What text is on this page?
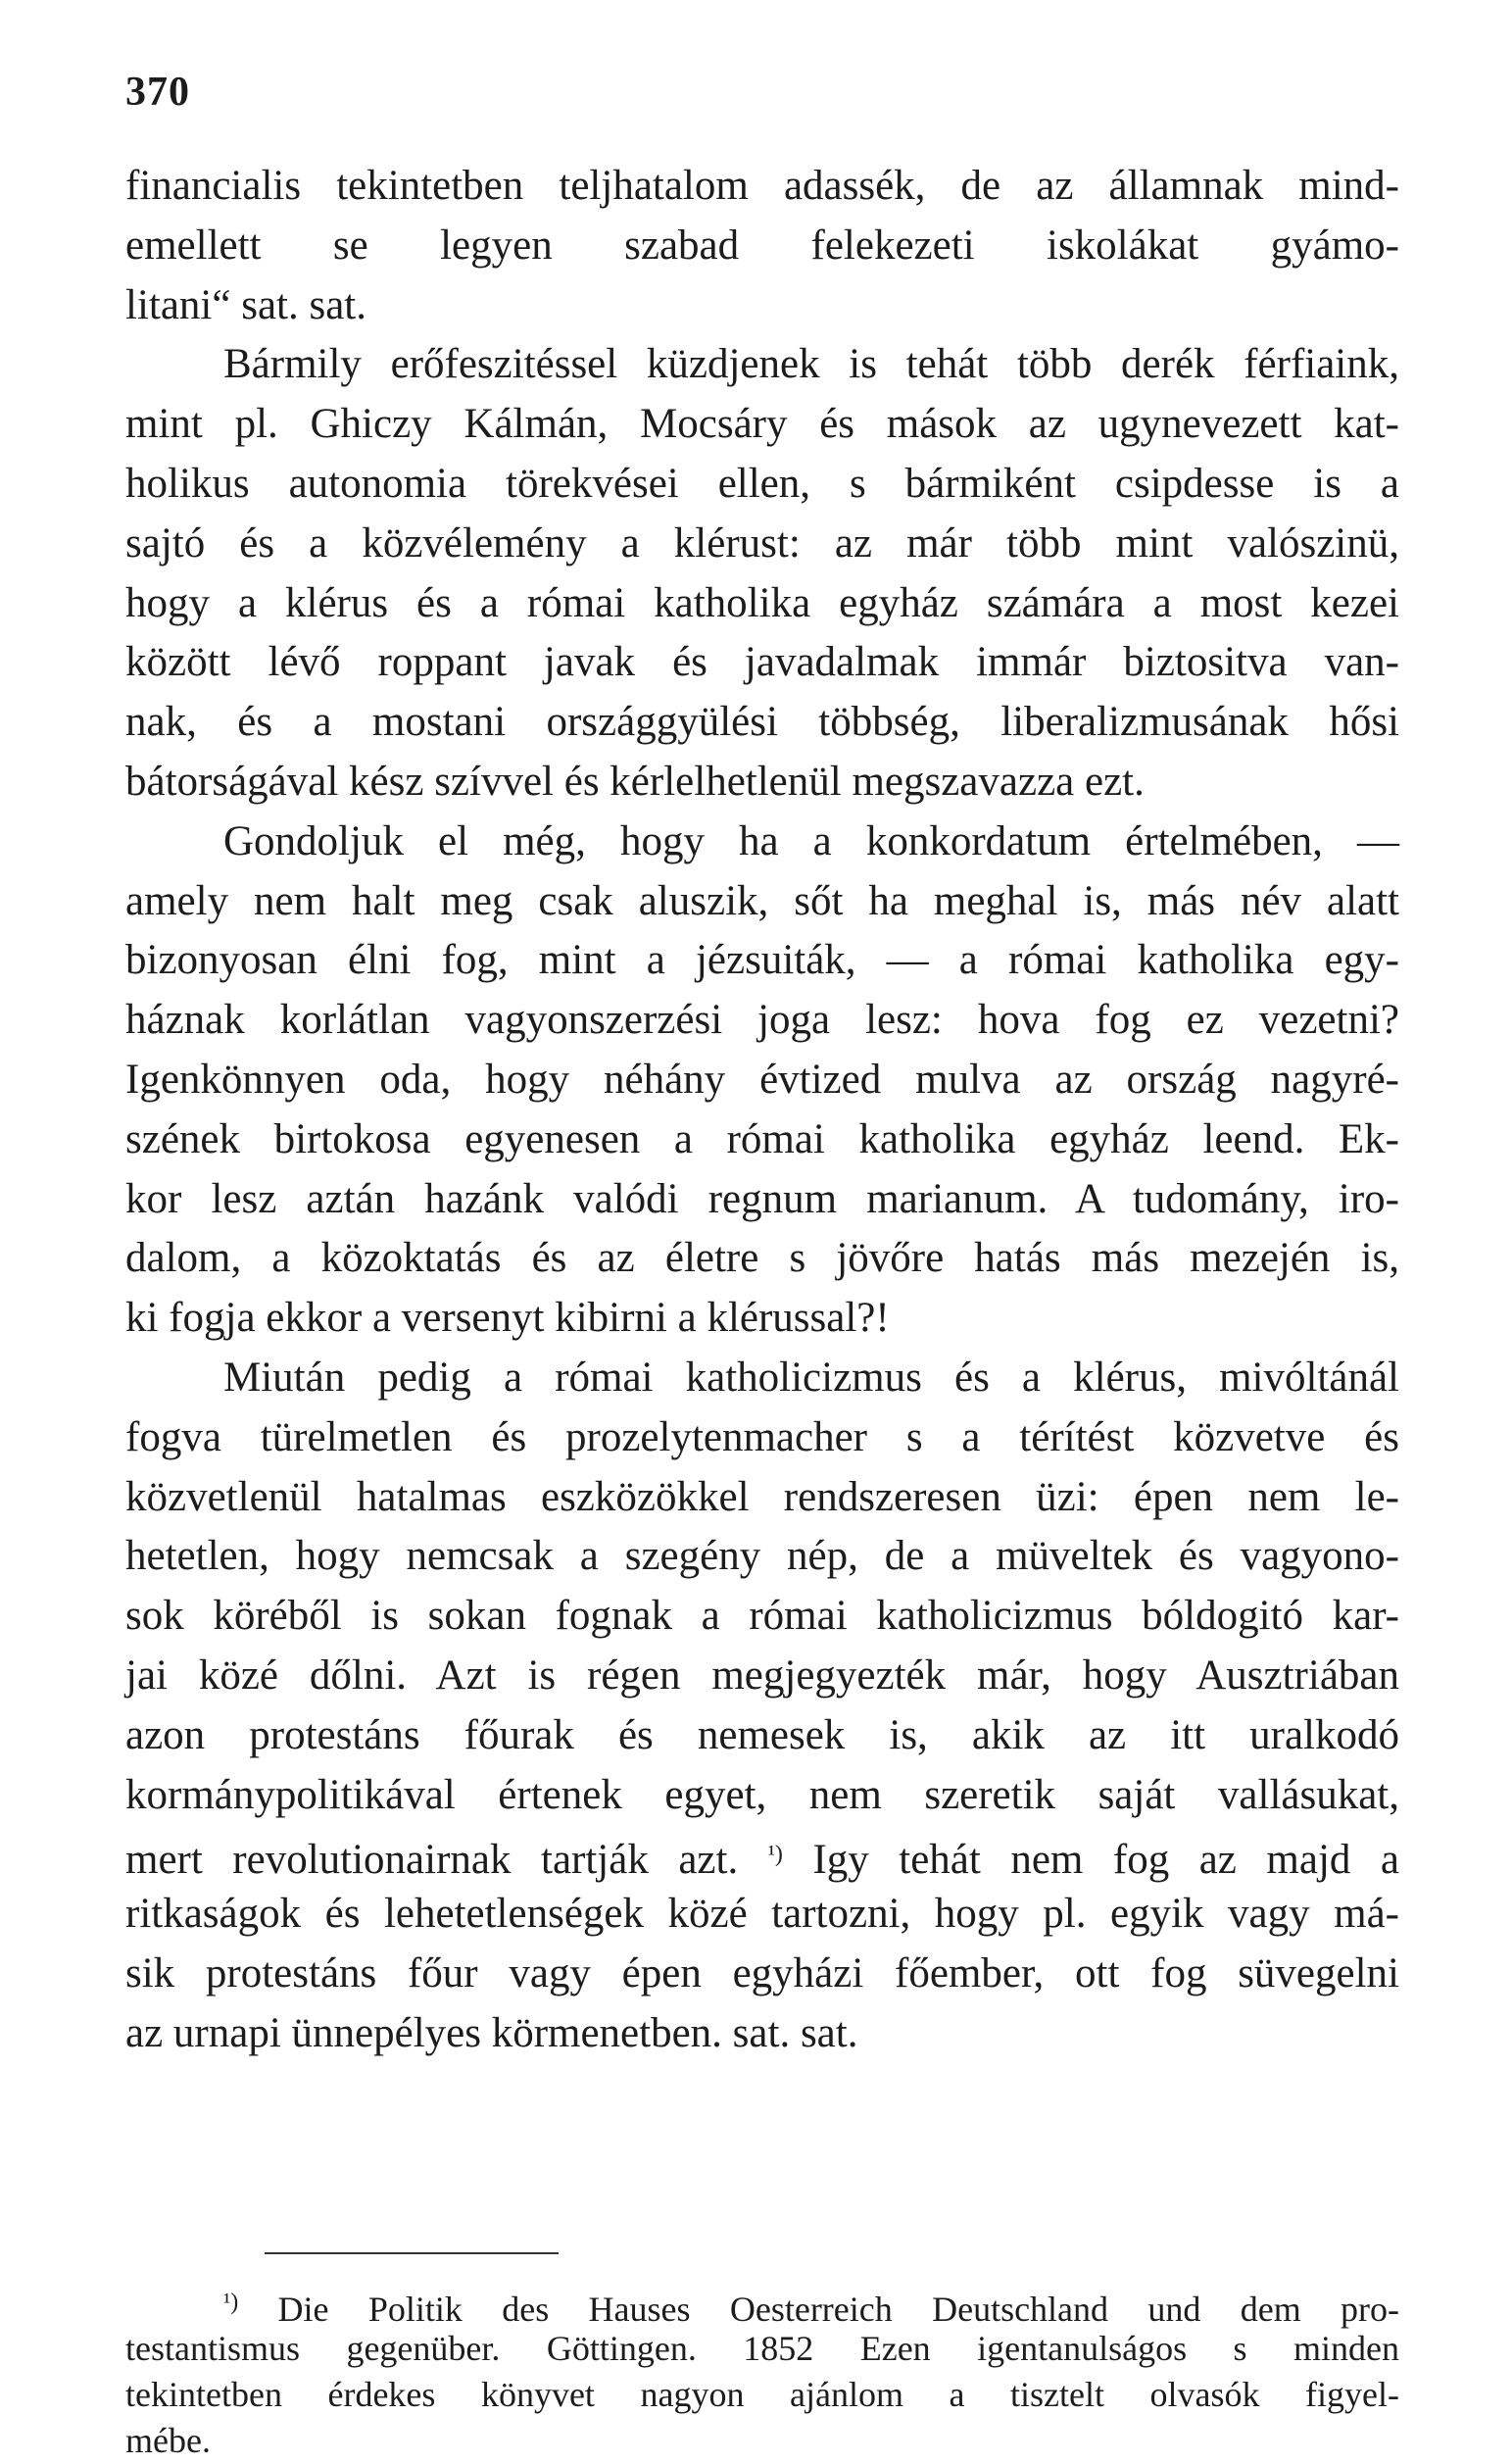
370
financialis tekintetben teljhatalom adassék, de az államnak mind-
emellett se legyen szabad felekezeti iskolákat gyámo-
litani“ sat. sat.
Bármily erőfeszitéssel küzdjenek is tehát több derék férfiaink,
mint pl. Ghiczy Kálmán, Mocsáry és mások az ugynevezett kat-
holikus autonomia törekvései ellen, s bármiként csipdesse is a
sajtó és a közvélemény a klérust: az már több mint valószinü,
hogy a klérus és a római katholika egyház számára a most kezei
között lévő roppant javak és javadalmak immár biztositva van-
nak, és a mostani országgyülési többség, liberalizmusának hősi
bátorságával kész szívvel és kérlelhetlenül megszavazza ezt.
Gondoljuk el még, hogy ha a konkordatum értelmében, —
amely nem halt meg csak aluszik, sőt ha meghal is, más név alatt
bizonyosan élni fog, mint a jézsuiták, — a római katholika egy-
háznak korlátlan vagyonszerzési joga lesz: hova fog ez vezetni?
Igenkönnyen oda, hogy néhány évtized mulva az ország nagyré-
szének birtokosa egyenesen a római katholika egyház leend. Ek-
kor lesz aztán hazánk valódi regnum marianum. A tudomány, iro-
dalom, a közoktatás és az életre s jövőre hatás más mezején is,
ki fogja ekkor a versenyt kibirni a klérussal?!
Miután pedig a római katholicizmus és a klérus, mivóltánál
fogva türelmetlen és prozelytenmacher s a térítést közvetve és
közvetlenül hatalmas eszközökkel rendszeresen üzi: épen nem le-
hetetlen, hogy nemcsak a szegény nép, de a müveltek és vagyono-
sok köréből is sokan fognak a római katholicizmus bóldogitó kar-
jai közé dőlni. Azt is régen megjegyezték már, hogy Ausztriában
azon protestáns főurak és nemesek is, akik az itt uralkodó
kormánypolitikával értenek egyet, nem szeretik saját vallásukat,
mert revolutionairnak tartják azt. $^{^1)}$ Igy tehát nem fog az majd a
ritkaságok és lehetetlenségek közé tartozni, hogy pl. egyik vagy má-
sik protestáns főur vagy épen egyházi főember, ott fog süvegelni
az urnapi ünnepélyes körmenetben. sat. sat.
$^{^1)}$ Die Politik des Hauses Oesterreich Deutschland und dem pro-
testantismus gegenüber. Göttingen. 1852 Ezen igentanulságos s minden
tekintetben érdekes könyvet nagyon ajánlom a tisztelt olvasók figyel-
mébe.
